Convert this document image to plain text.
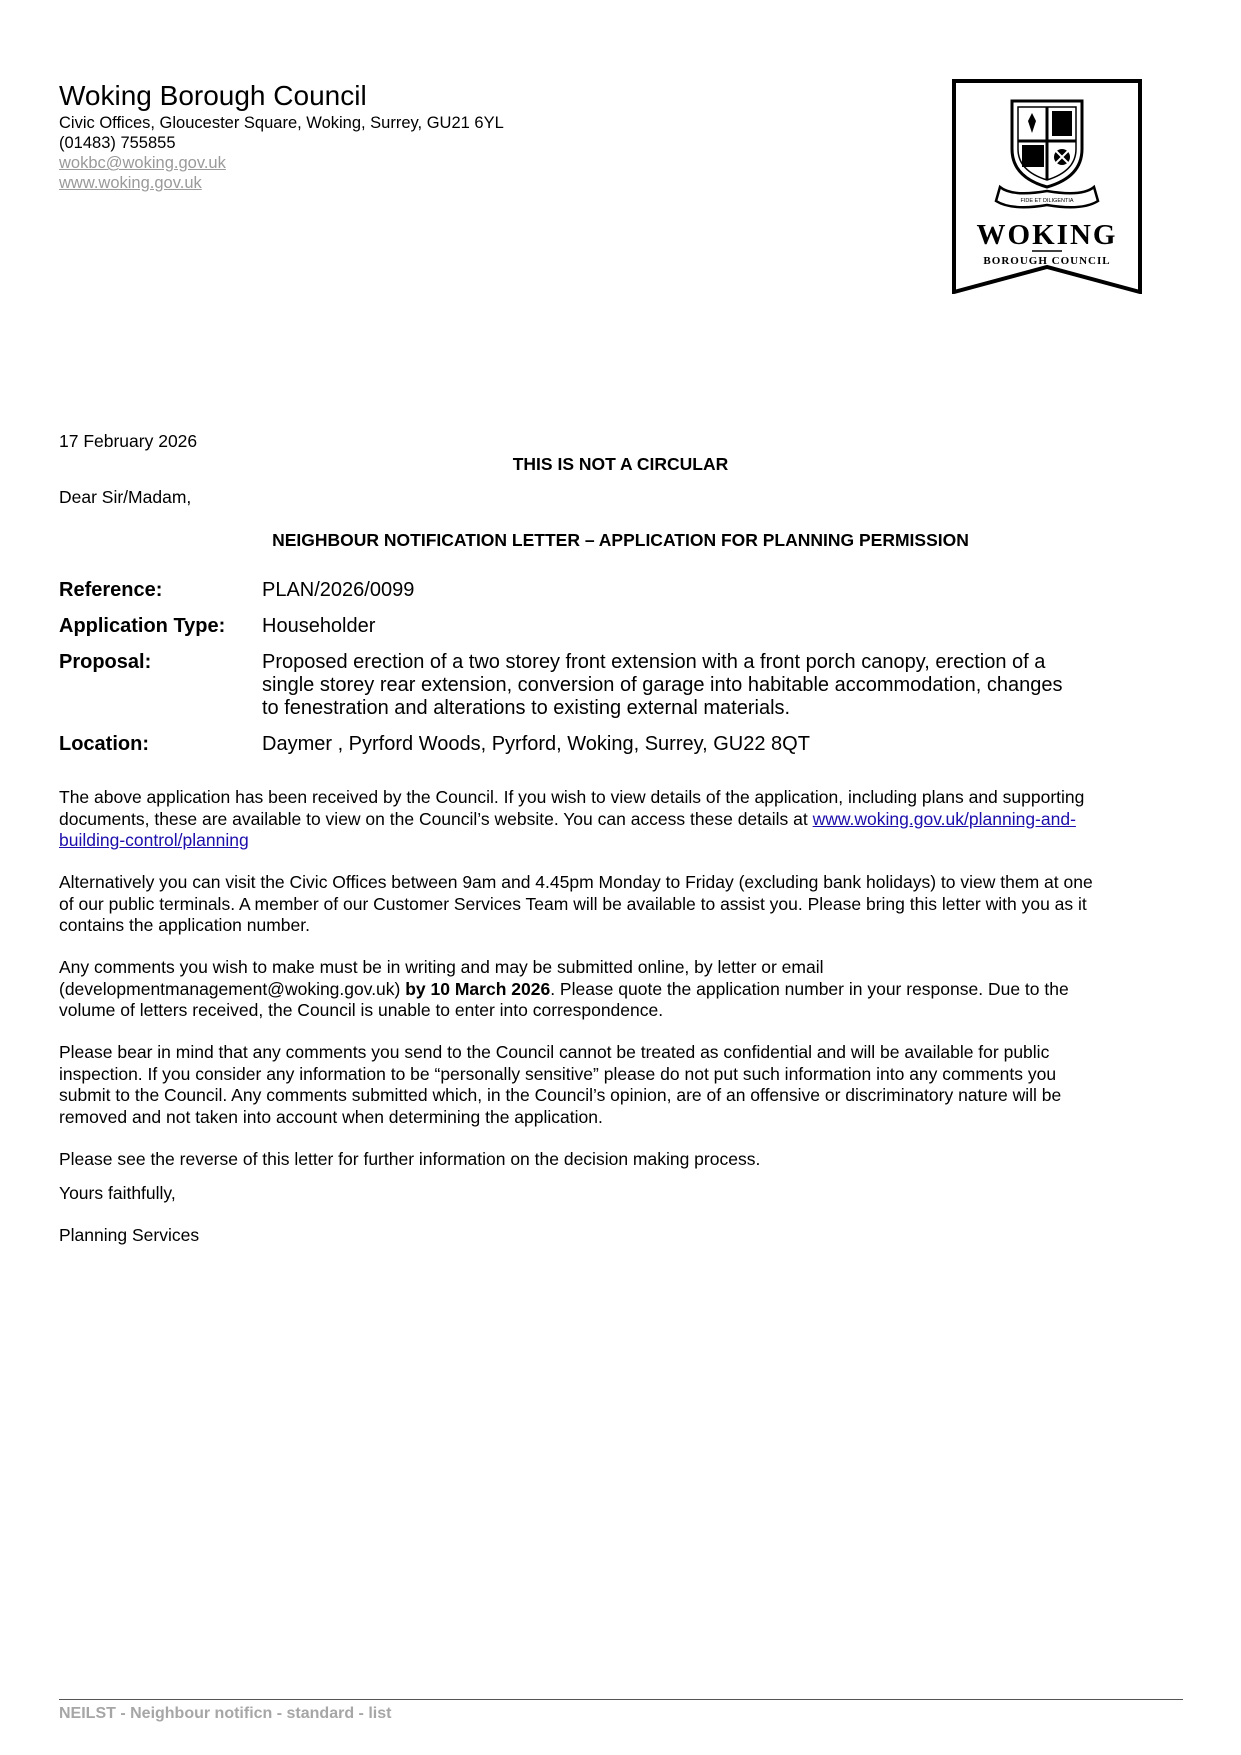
Woking Borough Council
Civic Offices, Gloucester Square, Woking, Surrey, GU21 6YL
(01483) 755855
wokbc@woking.gov.uk
www.woking.gov.uk
FIDE ET DILIGENTIA
WOKING
BOROUGH COUNCIL
17 February 2026
THIS IS NOT A CIRCULAR
Dear Sir/Madam,
NEIGHBOUR NOTIFICATION LETTER – APPLICATION FOR PLANNING PERMISSION
Reference:	PLAN/2026/0099
Application Type: Householder
Proposal:	Proposed erection of a two storey front extension with a front porch canopy, erection of a
single storey rear extension, conversion of garage into habitable accommodation, changes
to fenestration and alterations to existing external materials.
Location:	Daymer , Pyrford Woods, Pyrford, Woking, Surrey, GU22 8QT
The above application has been received by the Council. If you wish to view details of the application, including plans and supporting
documents, these are available to view on the Council’s website. You can access these details at www.woking.gov.uk/planning-and-
building-control/planning
Alternatively you can visit the Civic Offices between 9am and 4.45pm Monday to Friday (excluding bank holidays) to view them at one
of our public terminals. A member of our Customer Services Team will be available to assist you. Please bring this letter with you as it
contains the application number.
Any comments you wish to make must be in writing and may be submitted online, by letter or email
(developmentmanagement@woking.gov.uk) by 10 March 2026. Please quote the application number in your response. Due to the
volume of letters received, the Council is unable to enter into correspondence.
Please bear in mind that any comments you send to the Council cannot be treated as confidential and will be available for public
inspection. If you consider any information to be “personally sensitive” please do not put such information into any comments you
submit to the Council. Any comments submitted which, in the Council’s opinion, are of an offensive or discriminatory nature will be
removed and not taken into account when determining the application.
Please see the reverse of this letter for further information on the decision making process.
Yours faithfully,
Planning Services
NEILST - Neighbour notificn - standard - list
